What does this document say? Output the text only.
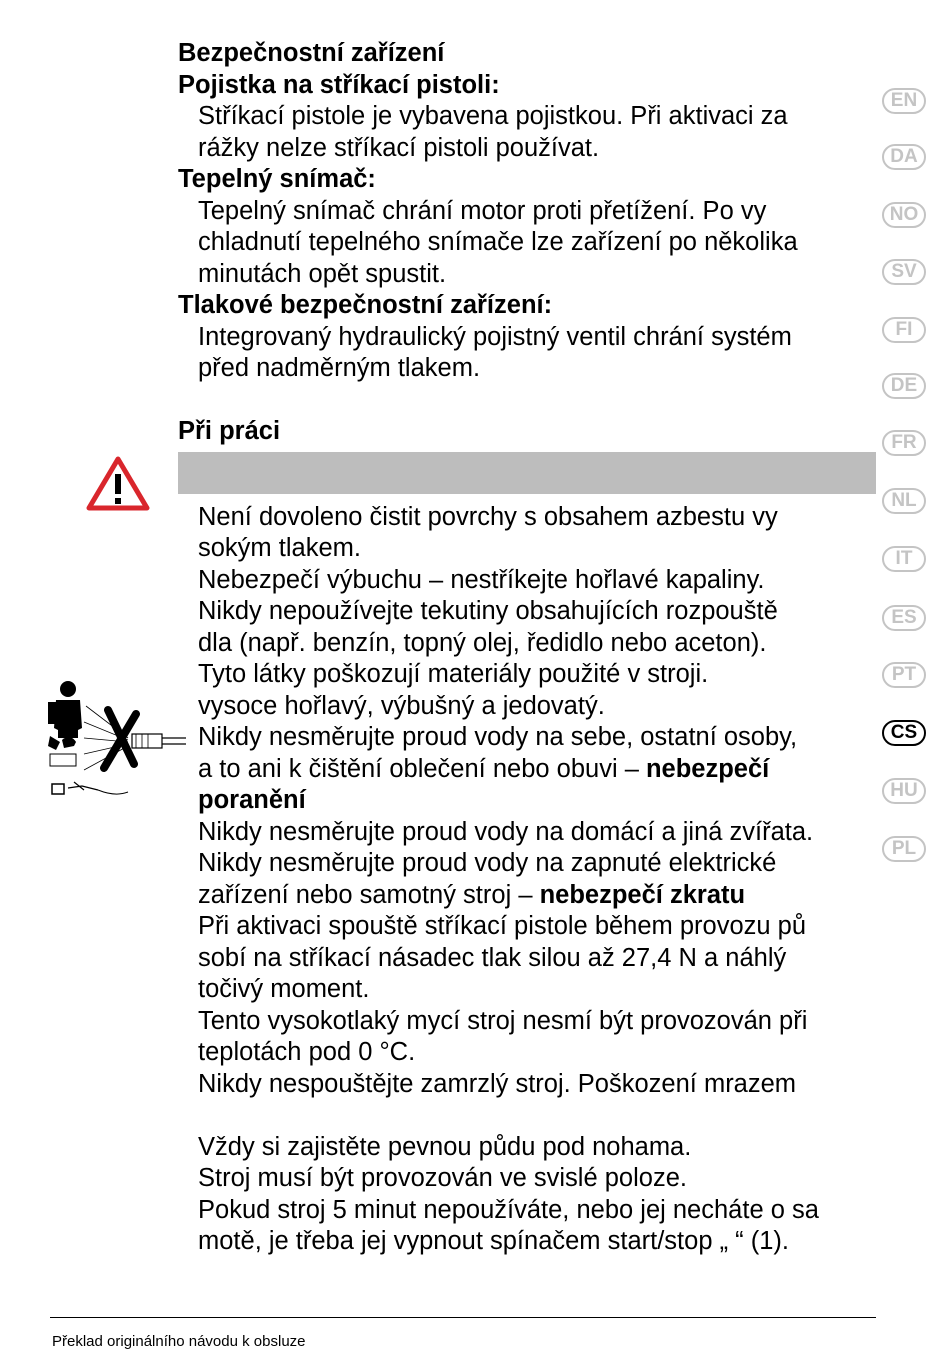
Bezpečnostní zařízení

Pojistka na stříkací pistoli:

Stříkací pistole je vybavena pojistkou. Při aktivaci za
rážky nelze stříkací pistoli používat.

Tepelný snímač:

Tepelný snímač chrání motor proti přetížení. Po vy
chladnutí tepelného snímače lze zařízení po několika
minutách opět spustit.

Tlakové bezpečnostní zařízení:

Integrovaný hydraulický pojistný ventil chrání systém
před nadměrným tlakem.

Při práci

Není dovoleno čistit povrchy s obsahem azbestu vy

sokým tlakem.

Nebezpečí výbuchu – nestříkejte hořlavé kapaliny.

Nikdy nepoužívejte tekutiny obsahujících rozpouště

dla (např. benzín, topný olej, ředidlo nebo aceton).

Tyto látky poškozují materiály použité v stroji.

vysoce hořlavý, výbušný a jedovatý.

Nikdy nesměrujte proud vody na sebe, ostatní osoby,

a to ani k čištění oblečení nebo obuvi – nebezpečí

poranění

Nikdy nesměrujte proud vody na domácí a jiná zvířata.

Nikdy nesměrujte proud vody na zapnuté elektrické

zařízení nebo samotný stroj – nebezpečí zkratu

Při aktivaci spouště stříkací pistole během provozu pů

sobí na stříkací násadec tlak silou až 27,4 N a náhlý

točivý moment.

Tento vysokotlaký mycí stroj nesmí být provozován při

teplotách pod 0 °C.

Nikdy nespouštějte zamrzlý stroj. Poškození mrazem

Vždy si zajistěte pevnou půdu pod nohama.

Stroj musí být provozován ve svislé poloze.

Pokud stroj 5 minut nepoužíváte, nebo jej necháte o sa

motě, je třeba jej vypnout spínačem start/stop „ “ (1).

EN
DA
NO
SV
FI
DE
FR
NL
IT
ES
PT
CS
HU
PL
Překlad originálního návodu k obsluze
